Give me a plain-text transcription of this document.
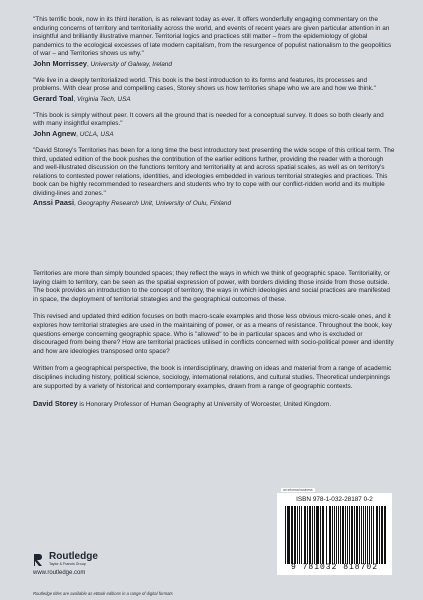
"This terrific book, now in its third iteration, is as relevant today as ever. It offers wonderfully engaging commentary on the enduring concerns of territory and territoriality across the world, and events of recent years are given particular attention in an insightful and brilliantly illustrative manner. Territorial logics and practices still matter – from the epidemiology of global pandemics to the ecological excesses of late modern capitalism, from the resurgence of populist nationalism to the geopolitics of war – and Territories shows us why."

John Morrissey, University of Galway, Ireland

"We live in a deeply territorialized world. This book is the best introduction to its forms and features, its processes and problems. With clear prose and compelling cases, Storey shows us how territories shape who we are and how we think."

Gerard Toal, Virginia Tech, USA

"This book is simply without peer. It covers all the ground that is needed for a conceptual survey. It does so both clearly and with many insightful examples."

John Agnew, UCLA, USA

"David Storey's Territories has been for a long time the best introductory text presenting the wide scope of this critical term. The third, updated edition of the book pushes the contribution of the earlier editions further, providing the reader with a thorough and well-illustrated discussion on the functions territory and territoriality at and across spatial scales, as well as on territory's relations to contested power relations, identities, and ideologies embedded in various territorial strategies and practices. This book can be highly recommended to researchers and students who try to cope with our conflict-ridden world and its multiple dividing-lines and zones."

Anssi Paasi, Geography Research Unit, University of Oulu, Finland

Territories are more than simply bounded spaces; they reflect the ways in which we think of geographic space. Territoriality, or laying claim to territory, can be seen as the spatial expression of power, with borders dividing those inside from those outside. The book provides an introduction to the concept of territory, the ways in which ideologies and social practices are manifested in space, the deployment of territorial strategies and the geographical outcomes of these.

This revised and updated third edition focuses on both macro-scale examples and those less obvious micro-scale ones, and it explores how territorial strategies are used in the maintaining of power, or as a means of resistance. Throughout the book, key questions emerge concerning geographic space. Who is "allowed" to be in particular spaces and who is excluded or discouraged from being there? How are territorial practices utilised in conflicts concerned with socio-political power and identity and how are ideologies transposed onto space?

Written from a geographical perspective, the book is interdisciplinary, drawing on ideas and material from a range of academic disciplines including history, political science, sociology, international relations, and cultural studies. Theoretical underpinnings are supported by a variety of historical and contemporary examples, drawn from a range of geographic contexts.

David Storey is Honorary Professor of Human Geography at University of Worcester, United Kingdom.

an informa business
ISBN 978-1-032-28187 0-2
9 781032 818702
Routledge
Taylor & Francis Group
www.routledge.com
Routledge titles are available as eBook editions in a range of digital formats
